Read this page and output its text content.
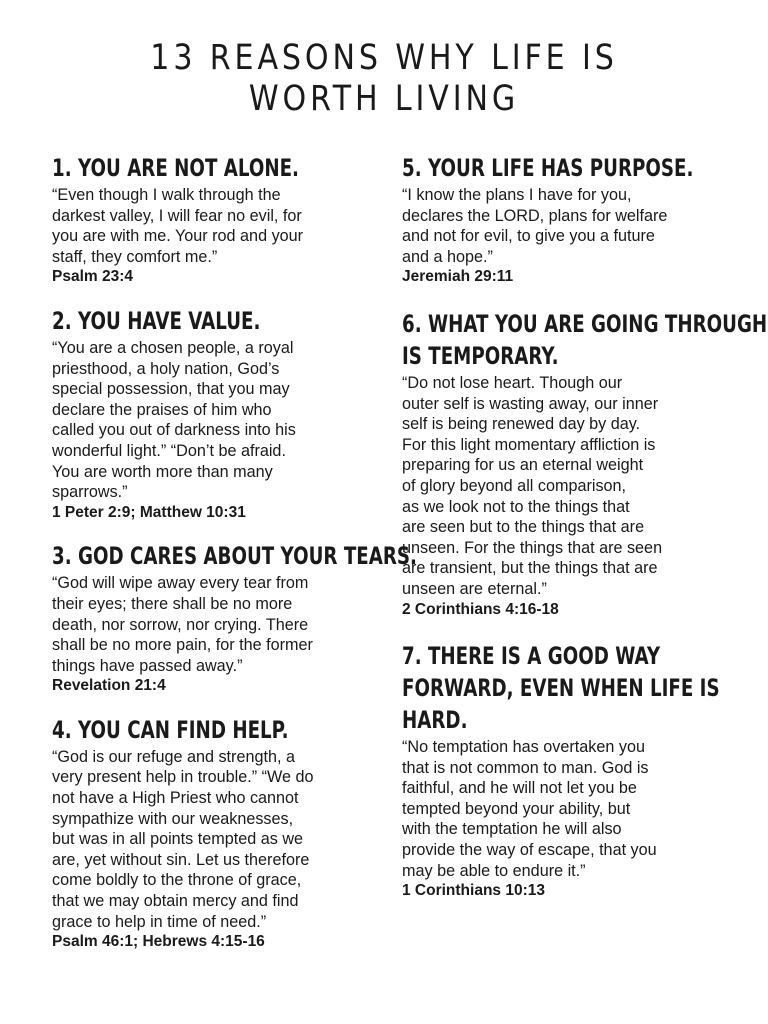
13 REASONS WHY LIFE IS
WORTH LIVING
1. YOU ARE NOT ALONE.
“Even though I walk through the
darkest valley, I will fear no evil, for
you are with me. Your rod and your
staff, they comfort me.”
Psalm 23:4
2. YOU HAVE VALUE.
“You are a chosen people, a royal
priesthood, a holy nation, God’s
special possession, that you may
declare the praises of him who
called you out of darkness into his
wonderful light.” “Don’t be afraid.
You are worth more than many
sparrows.”
1 Peter 2:9; Matthew 10:31
3. GOD CARES ABOUT YOUR TEARS.
“God will wipe away every tear from
their eyes; there shall be no more
death, nor sorrow, nor crying. There
shall be no more pain, for the former
things have passed away.”
Revelation 21:4
4. YOU CAN FIND HELP.
“God is our refuge and strength, a
very present help in trouble.” “We do
not have a High Priest who cannot
sympathize with our weaknesses,
but was in all points tempted as we
are, yet without sin. Let us therefore
come boldly to the throne of grace,
that we may obtain mercy and find
grace to help in time of need.”
Psalm 46:1; Hebrews 4:15-16
5. YOUR LIFE HAS PURPOSE.
“I know the plans I have for you,
declares the LORD, plans for welfare
and not for evil, to give you a future
and a hope.”
Jeremiah 29:11
6. WHAT YOU ARE GOING THROUGH
IS TEMPORARY.
“Do not lose heart. Though our
outer self is wasting away, our inner
self is being renewed day by day.
For this light momentary affliction is
preparing for us an eternal weight
of glory beyond all comparison,
as we look not to the things that
are seen but to the things that are
unseen. For the things that are seen
are transient, but the things that are
unseen are eternal.”
2 Corinthians 4:16-18
7. THERE IS A GOOD WAY
FORWARD, EVEN WHEN LIFE IS
HARD.
“No temptation has overtaken you
that is not common to man. God is
faithful, and he will not let you be
tempted beyond your ability, but
with the temptation he will also
provide the way of escape, that you
may be able to endure it.”
1 Corinthians 10:13
